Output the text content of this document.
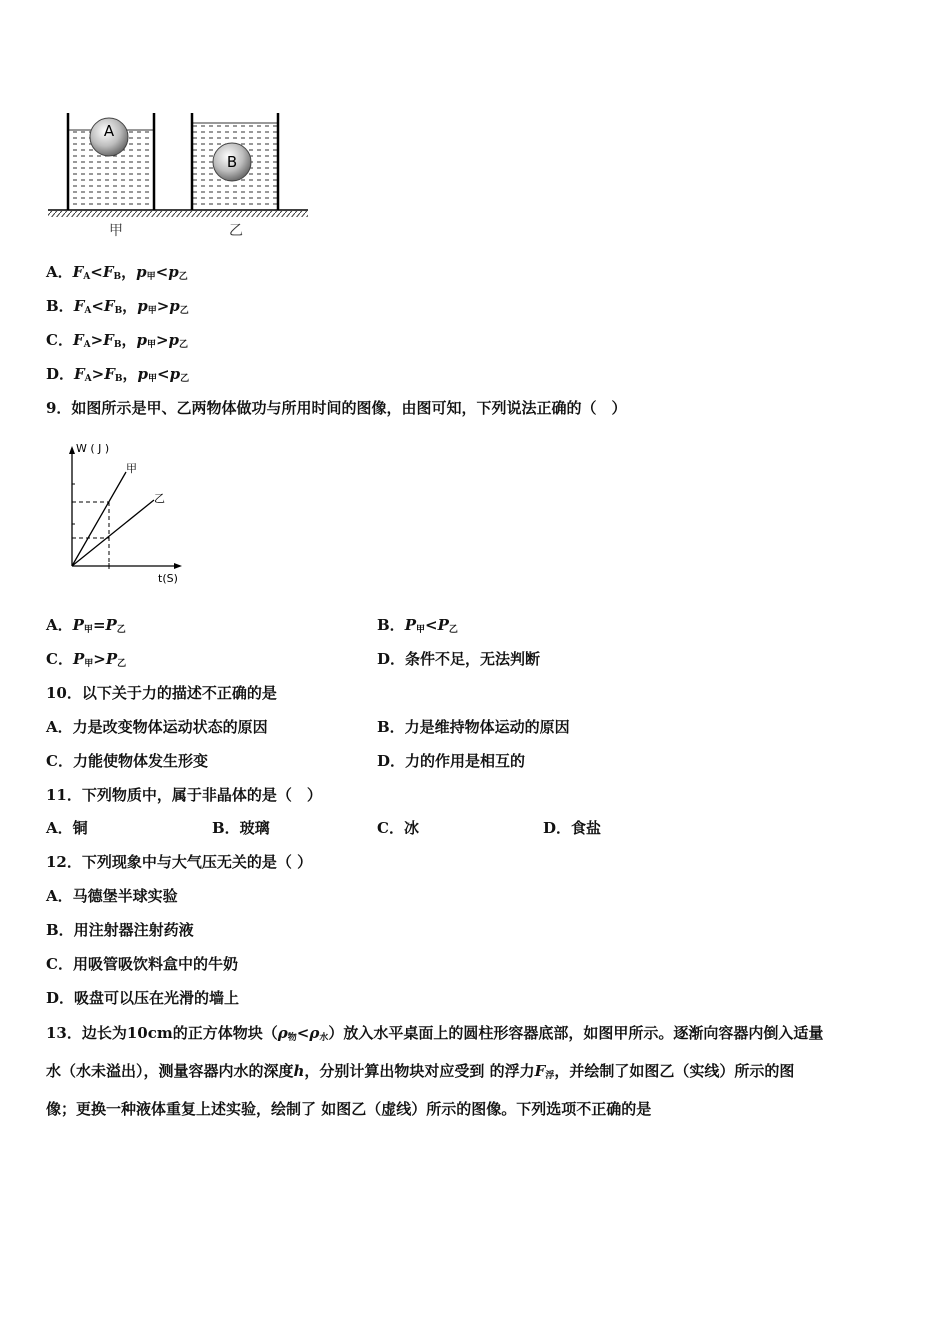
A
B
甲	乙
A．$F_A<F_B$，$p_甲<p_乙$
B．$F_A<F_B$，$p_甲>p_乙$
C．$F_A>F_B$，$p_甲>p_乙$
D．$F_A>F_B$，$p_甲<p_乙$
9．如图所示是甲、乙两物体做功与所用时间的图像，由图可知，下列说法正确的（　）
W ( J )
t(S)
甲
乙
A．$P_甲=P_乙$	B．$P_甲<P_乙$
C．$P_甲>P_乙$	D．条件不足，无法判断
10．以下关于力的描述不正确的是
A．力是改变物体运动状态的原因	B．力是维持物体运动的原因
C．力能使物体发生形变	D．力的作用是相互的
11．下列物质中，属于非晶体的是（　）
A．铜	B．玻璃	C．冰	D．食盐
12．下列现象中与大气压无关的是（ ）
A．马德堡半球实验
B．用注射器注射药液
C．用吸管吸饮料盒中的牛奶
D．吸盘可以压在光滑的墙上
13．边长为10cm的正方体物块$(\rho_物<\rho_水)$放入水平桌面上的圆柱形容器底部，如图甲所示。逐渐向容器内倒入适量
水（水未溢出），测量容器内水的深度h，分别计算出物块对应受到 的浮力$F_浮$，并绘制了如图乙（实线）所示的图
像；更换一种液体重复上述实验，绘制了 如图乙（虚线）所示的图像。下列选项不正确的是
